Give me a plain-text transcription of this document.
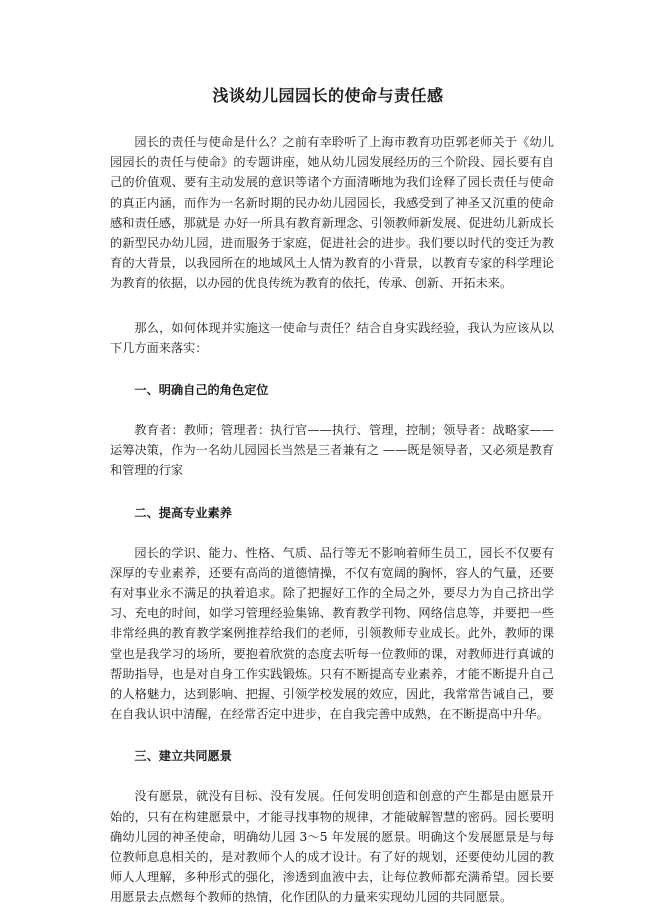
浅谈幼儿园园长的使命与责任感

园长的责任与使命是什么？之前有幸聆听了上海市教育功臣郭老师关于《幼儿园园长的责任与使命》的专题讲座，她从幼儿园发展经历的三个阶段、园长要有自己的价值观、要有主动发展的意识等诸个方面清晰地为我们诠释了园长责任与使命的真正内涵，而作为一名新时期的民办幼儿园园长，我感受到了神圣又沉重的使命感和责任感，那就是 办好一所具有教育新理念、引领教师新发展、促进幼儿新成长的新型民办幼儿园，进而服务于家庭，促进社会的进步。我们要以时代的变迁为教育的大背景，以我园所在的地域风土人情为教育的小背景，以教育专家的科学理论为教育的依据，以办园的优良传统为教育的依托，传承、创新、开拓未来。

那么，如何体现并实施这一使命与责任？结合自身实践经验，我认为应该从以下几方面来落实：

一、明确自己的角色定位

教育者：教师；管理者：执行官——执行、管理，控制；领导者：战略家——运筹决策，作为一名幼儿园园长当然是三者兼有之 ——既是领导者，又必须是教育和管理的行家

二、提高专业素养

园长的学识、能力、性格、气质、品行等无不影响着师生员工，园长不仅要有深厚的专业素养，还要有高尚的道德情操，不仅有宽阔的胸怀，容人的气量，还要有对事业永不满足的执着追求。除了把握好工作的全局之外，要尽力为自己挤出学习、充电的时间，如学习管理经验集锦、教育教学刊物、网络信息等，并要把一些非常经典的教育教学案例推荐给我们的老师，引领教师专业成长。此外，教师的课堂也是我学习的场所，要抱着欣赏的态度去听每一位教师的课，对教师进行真诚的帮助指导，也是对自身工作实践锻炼。只有不断提高专业素养，才能不断提升自己的人格魅力，达到影响、把握、引领学校发展的效应，因此，我常常告诫自己，要在自我认识中清醒，在经常否定中进步，在自我完善中成熟，在不断提高中升华。

三、建立共同愿景

没有愿景，就没有目标、没有发展。任何发明创造和创意的产生都是由愿景开始的，只有在构建愿景中，才能寻找事物的规律，才能破解智慧的密码。园长要明确幼儿园的神圣使命，明确幼儿园 3～5 年发展的愿景。明确这个发展愿景是与每位教师息息相关的，是对教师个人的成才设计。有了好的规划，还要使幼儿园的教师人人理解，多种形式的强化，渗透到血液中去，让每位教师都充满希望。园长要用愿景去点燃每个教师的热情，化作团队的力量来实现幼儿园的共同愿景。
